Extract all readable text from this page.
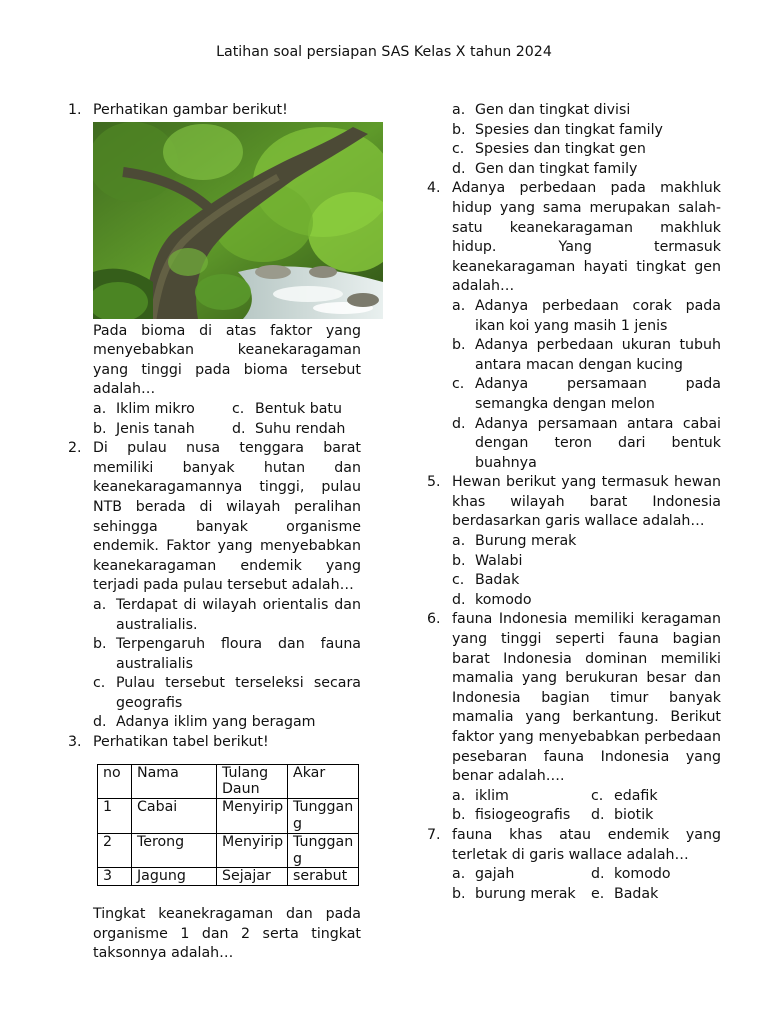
Latihan soal persiapan SAS Kelas X tahun 2024
1. Perhatikan gambar berikut!
Pada bioma di atas faktor yang menyebabkan keanekaragaman yang tinggi pada bioma tersebut adalah…
a. Iklim mikro	c. Bentuk batu
b. Jenis tanah	d. Suhu rendah
2. Di pulau nusa tenggara barat memiliki banyak hutan dan keanekaragamannya tinggi, pulau NTB berada di wilayah peralihan sehingga banyak organisme endemik. Faktor yang menyebabkan keanekaragaman endemik yang terjadi pada pulau tersebut adalah…
a. Terdapat di wilayah orientalis dan australialis.
b. Terpengaruh floura dan fauna australialis
c. Pulau tersebut terseleksi secara geografis
d. Adanya iklim yang beragam
3. Perhatikan tabel berikut!
no	Nama	Tulang Daun	Akar
1	Cabai	Menyirip	Tunggang
2	Terong	Menyirip	Tunggang
3	Jagung	Sejajar	serabut
Tingkat keanekragaman dan pada organisme 1 dan 2 serta tingkat taksonnya adalah…
a. Gen dan tingkat divisi
b. Spesies dan tingkat family
c. Spesies dan tingkat gen
d. Gen dan tingkat family
4. Adanya perbedaan pada makhluk hidup yang sama merupakan salah-satu keanekaragaman makhluk hidup. Yang termasuk keanekaragaman hayati tingkat gen adalah…
a. Adanya perbedaan corak pada ikan koi yang masih 1 jenis
b. Adanya perbedaan ukuran tubuh antara macan dengan kucing
c. Adanya persamaan pada semangka dengan melon
d. Adanya persamaan antara cabai dengan teron dari bentuk buahnya
5. Hewan berikut yang termasuk hewan khas wilayah barat Indonesia berdasarkan garis wallace adalah…
a. Burung merak
b. Walabi
c. Badak
d. komodo
6. fauna Indonesia memiliki keragaman yang tinggi seperti fauna bagian barat Indonesia dominan memiliki mamalia yang berukuran besar dan Indonesia bagian timur banyak mamalia yang berkantung. Berikut faktor yang menyebabkan perbedaan pesebaran fauna Indonesia yang benar adalah….
a. iklim	c. edafik
b. fisiogeografis	d. biotik
7. fauna khas atau endemik yang terletak di garis wallace adalah…
a. gajah	d. komodo
b. burung merak	e. Badak
